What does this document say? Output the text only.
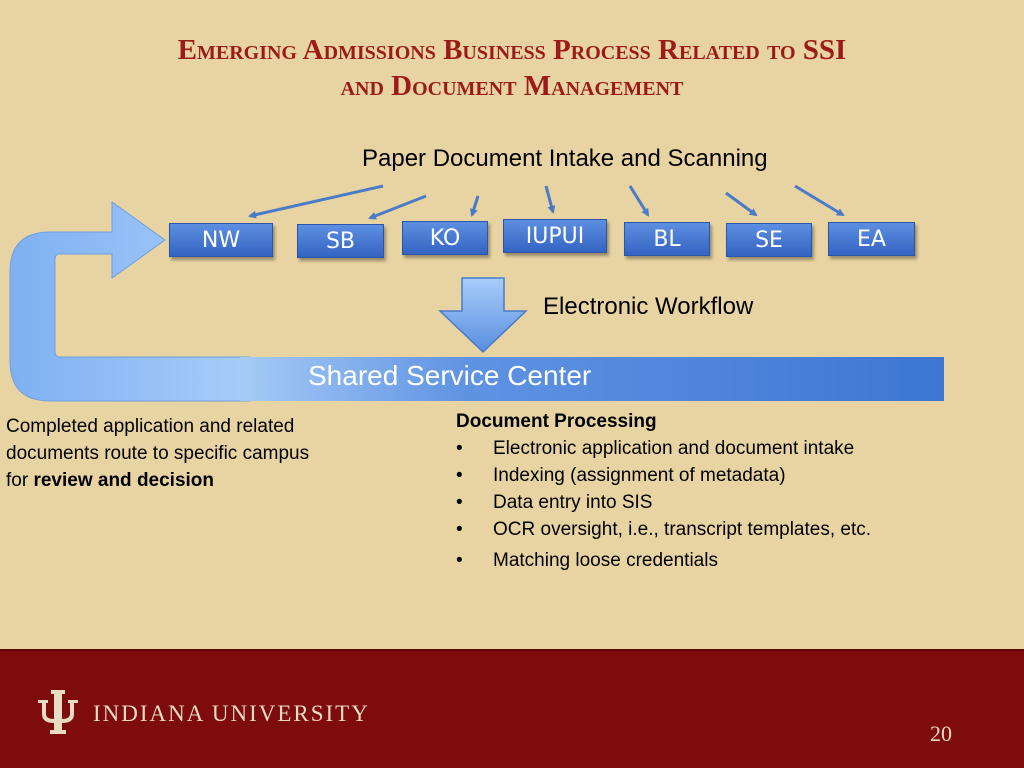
Emerging Admissions Business Process Related to SSI
and Document Management
NW	SB	KO	IUPUI	BL	SE	EA
Paper Document Intake and Scanning
Electronic Workflow
Shared Service Center
Completed application and related
documents route to specific campus
for review and decision
Document Processing
• Electronic application and document intake
• Indexing (assignment of metadata)
• Data entry into SIS
• OCR oversight, i.e., transcript templates, etc.
• Matching loose credentials
INDIANA UNIVERSITY
20
